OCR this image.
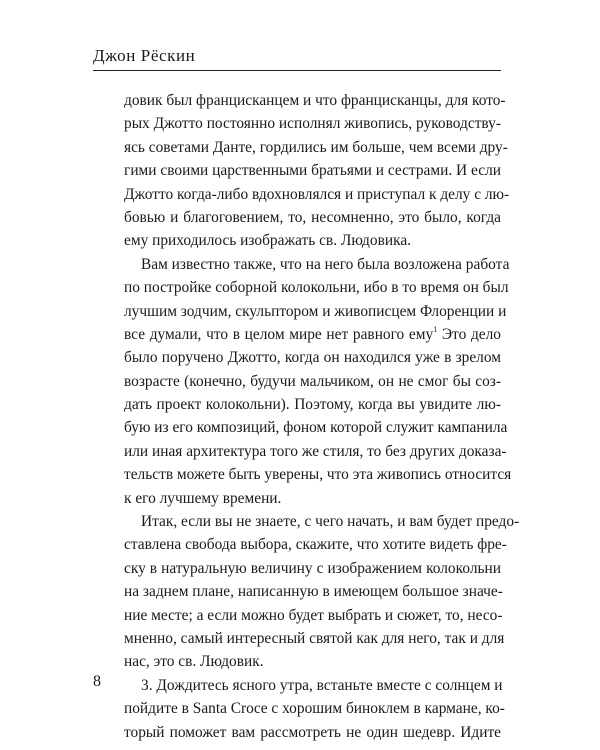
Джон Рёскин
довик был францисканцем и что францисканцы, для кото-
рых Джотто постоянно исполнял живопись, руководству-
ясь советами Данте, гордились им больше, чем всеми дру-
гими своими царственными братьями и сестрами. И если
Джотто когда-либо вдохновлялся и приступал к делу с лю-
бовью и благоговением, то, несомненно, это было, когда
ему приходилось изображать св. Людовика.
Вам известно также, что на него была возложена работа
по постройке соборной колокольни, ибо в то время он был
лучшим зодчим, скульптором и живописцем Флоренции и
все думали, что в целом мире нет равного ему$^1$ Это дело
было поручено Джотто, когда он находился уже в зрелом
возрасте (конечно, будучи мальчиком, он не смог бы соз-
дать проект колокольни). Поэтому, когда вы увидите лю-
бую из его композиций, фоном которой служит кампанила
или иная архитектура того же стиля, то без других доказа-
тельств можете быть уверены, что эта живопись относится
к его лучшему времени.
Итак, если вы не знаете, с чего начать, и вам будет предо-
ставлена свобода выбора, скажите, что хотите видеть фре-
ску в натуральную величину с изображением колокольни
на заднем плане, написанную в имеющем большое значе-
ние месте; а если можно будет выбрать и сюжет, то, несо-
мненно, самый интересный святой как для него, так и для
нас, это св. Людовик.
3. Дождитесь ясного утра, встаньте вместе с солнцем и
пойдите в Santa Croce с хорошим биноклем в кармане, ко-
торый поможет вам рассмотреть не один шедевр. Идите
8
